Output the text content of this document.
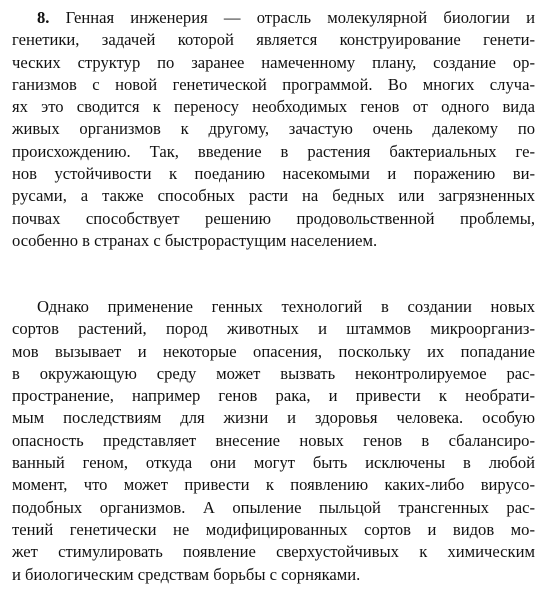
8. Генная инженерия — отрасль молекулярной биологии и
генетики, задачей которой является конструирование генети-
ческих структур по заранее намеченному плану, создание ор-
ганизмов с новой генетической программой. Во многих случа-
ях это сводится к переносу необходимых генов от одного вида
живых организмов к другому, зачастую очень далекому по
происхождению. Так, введение в растения бактериальных ге-
нов устойчивости к поеданию насекомыми и поражению ви-
русами, а также способных расти на бедных или загрязненных
почвах способствует решению продовольственной проблемы,
особенно в странах с быстрорастущим населением.
Однако применение генных технологий в создании новых
сортов растений, пород животных и штаммов микроорганиз-
мов вызывает и некоторые опасения, поскольку их попадание
в окружающую среду может вызвать неконтролируемое рас-
пространение, например генов рака, и привести к необрати-
мым последствиям для жизни и здоровья человека. особую
опасность представляет внесение новых генов в сбалансиро-
ванный геном, откуда они могут быть исключены в любой
момент, что может привести к появлению каких-либо вирусо-
подобных организмов. А опыление пыльцой трансгенных рас-
тений генетически не модифицированных сортов и видов мо-
жет стимулировать появление сверхустойчивых к химическим
и биологическим средствам борьбы с сорняками.
